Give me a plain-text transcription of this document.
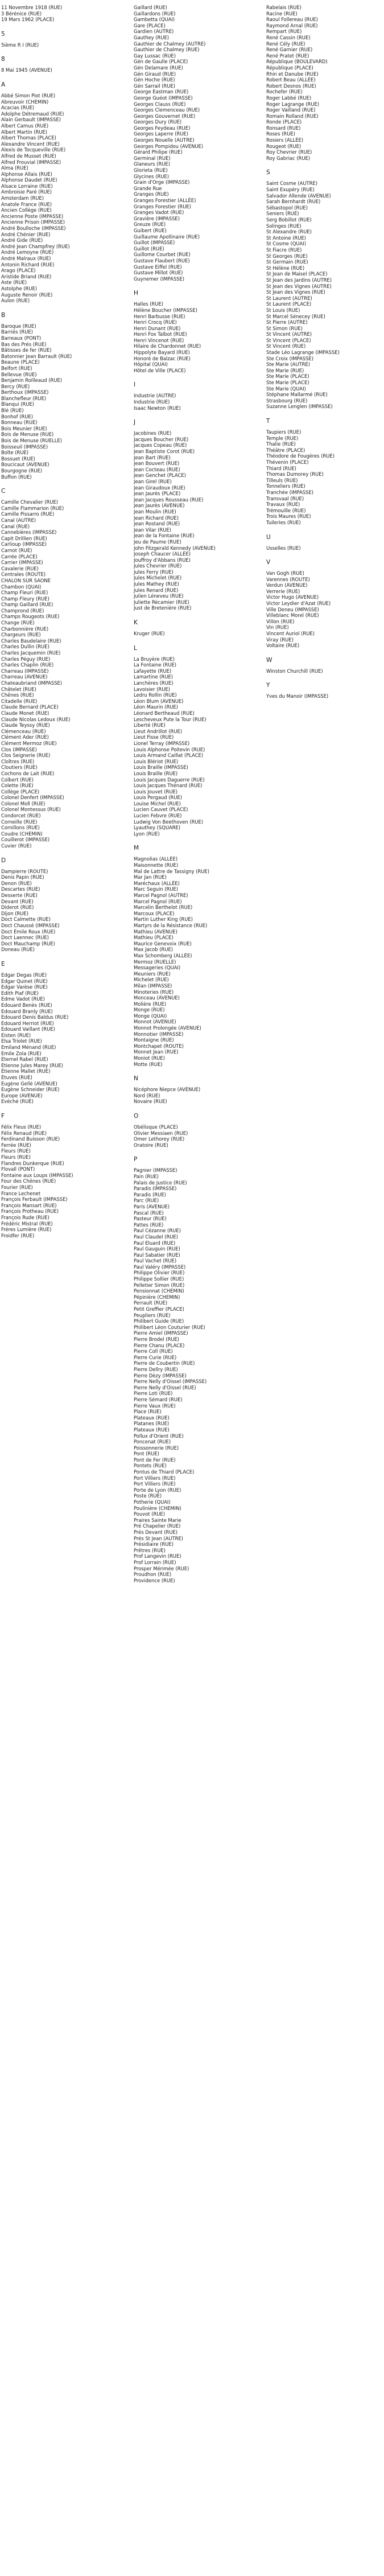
11 Novembre 1918 (RUE)
3 Bérénice (RUE)
19 Mars 1962 (PLACE)
5
5ième R I (RUE)
8
8 Mai 1945 (AVENUE)
A
Abbé Simon Piot (RUE)
Abreuvoir (CHEMIN)
Acacias (RUE)
Adolphe Détremaud (RUE)
Alain Gerbault (IMPASSE)
Albert Camus (RUE)
Albert Martin (RUE)
Albert Thomas (PLACE)
Alexandre Vincent (RUE)
Alexis de Tocqueville (RUE)
Alfred de Musset (RUE)
Alfred Frouvial (IMPASSE)
Alma (RUE)
Alphonse Allais (RUE)
Alphonse Daudet (RUE)
Alsace Lorraine (RUE)
Ambroisie Paré (RUE)
Amsterdam (RUE)
Anatole France (RUE)
Ancien Collège (RUE)
Ancienne Poste (IMPASSE)
Ancienne Prison (IMPASSE)
André Boulloche (IMPASSE)
André Chénier (RUE)
André Gide (RUE)
André Jean Champfrey (RUE)
André Lemoyne (RUE)
André Malraux (RUE)
Antonin Richard (RUE)
Arago (PLACE)
Aristide Briand (RUE)
Aste (RUE)
Astolphe (RUE)
Auguste Renoir (RUE)
Aulon (RUE)
B
Baroque (RUE)
Barriès (RUE)
Barreaux (PONT)
Bas des Prés (RUE)
Bâtisses de fer (RUE)
Batonnier Jean Barrault (RUE)
Beaune (PLACE)
Belfort (RUE)
Bellevue (RUE)
Benjamin Roilleaud (RUE)
Bercy (RUE)
Berthoux (IMPASSE)
Blanchefleur (RUE)
Blanqui (RUE)
Blé (RUE)
Bonhof (RUE)
Bonneau (RUE)
Bois Meunier (RUE)
Bois de Menuse (RUE)
Bois de Menuse (RUELLE)
Boisseuil (IMPASSE)
Boîte (RUE)
Bossuet (RUE)
Boucicaut (AVENUE)
Bourgogne (RUE)
Buffon (RUE)
C
Camille Chevalier (RUE)
Camille Flammarion (RUE)
Camille Pissarro (RUE)
Canal (AUTRE)
Canal (RUE)
Cannebières (IMPASSE)
Capit Drillien (RUE)
Carlioup (IMPASSE)
Carnot (RUE)
Carrée (PLACE)
Carrier (IMPASSE)
Cavalerie (RUE)
Centrales (ROUTE)
CHALON SUR SAONE
Chambon (QUAI)
Champ Fleuri (RUE)
Champ Fleury (RUE)
Champ Gaillard (RUE)
Champrond (RUE)
Champs Rougeots (RUE)
Change (RUE)
Charbonnière (RUE)
Chargeurs (RUE)
Charles Baudelaire (RUE)
Charles Dullin (RUE)
Charles Jacquemin (RUE)
Charles Péguy (RUE)
Charles Chaplin (RUE)
Charreau (IMPASSE)
Charreau (AVENUE)
Chateaubriand (IMPASSE)
Châtelet (RUE)
Chênes (RUE)
Citadelle (RUE)
Claude Bernard (PLACE)
Claude Monet (RUE)
Claude Nicolas Ledoux (RUE)
Claude Teyssy (RUE)
Clémenceau (RUE)
Clément Ader (RUE)
Clément Mermoz (RUE)
Clos (IMPASSE)
Clos Seignerie (RUE)
Cloîtres (RUE)
Cloutiers (RUE)
Cochons de Lait (RUE)
Colbert (RUE)
Colette (RUE)
Collège (PLACE)
Colonel Denfert (IMPASSE)
Colonel Moll (RUE)
Colonel Montessus (RUE)
Condorcet (RUE)
Corneille (RUE)
Cornillons (RUE)
Coudre (CHEMIN)
Couillerot (IMPASSE)
Cuvier (RUE)
D
Dampierre (ROUTE)
Denis Papin (RUE)
Denon (RUE)
Descartes (RUE)
Desserte (RUE)
Devant (RUE)
Diderot (RUE)
Dijon (RUE)
Doct Calmette (RUE)
Doct Chaussé (IMPASSE)
Doct Émile Roux (RUE)
Doct Laennec (RUE)
Doct Mauchamp (RUE)
Doneau (RUE)
E
Edgar Degas (RUE)
Edgar Quinet (RUE)
Edgar Varèse (RUE)
Edith Piaf (RUE)
Edme Vadot (RUE)
Edouard Benès (RUE)
Edouard Branly (RUE)
Edouard Denis Baldus (RUE)
Edouard Herriot (RUE)
Edouard Vaillant (RUE)
Eisten (RUE)
Elsa Triolet (RUE)
Emiland Ménand (RUE)
Emile Zola (RUE)
Eternel Rabel (RUE)
Étienne Jules Marey (RUE)
Étienne Mallet (RUE)
Étuves (RUE)
Eugène Gellé (AVENUE)
Eugène Schneider (RUE)
Europe (AVENUE)
Evéché (RUE)
F
Félix Fleus (RUE)
Félix Renaud (RUE)
Ferdinand Buisson (RUE)
Ferrée (RUE)
Fleurs (RUE)
Fleurs (RUE)
Flandres Dunkerque (RUE)
Flovall (PONT)
Fontaine aux Loups (IMPASSE)
Four des Chênes (RUE)
Fourier (RUE)
France Lechenet
François Ferbault (IMPASSE)
François Mansart (RUE)
François Protheau (RUE)
François Rude (RUE)
Frédéric Mistral (RUE)
Frères Lumière (RUE)
Froidfer (RUE)
Gaillard (RUE)
Gaillardons (RUE)
Gambetta (QUAI)
Gare (PLACE)
Gardien (AUTRE)
Gauthey (RUE)
Gauthier de Chalmey (AUTRE)
Gauthier de Chalmey (RUE)
Gay Lussac (RUE)
Gén de Gaulle (PLACE)
Gén Delamare (RUE)
Gén Giraud (RUE)
Gén Hoche (RUE)
Gén Sarrail (RUE)
George Eastman (RUE)
George Guéot (IMPASSE)
Georges Clauss (RUE)
Georges Clemenceau (RUE)
Georges Gouvernet (RUE)
Georges Dury (RUE)
Georges Feydeau (RUE)
Georges Laperre (RUE)
Georges Nouelle (AUTRE)
Georges Pompidou (AVENUE)
Gérard Philipe (RUE)
Germinal (RUE)
Glaneurs (RUE)
Glorieta (RUE)
Glycines (RUE)
Grain d'Orge (IMPASSE)
Grande Rue
Granges (RUE)
Granges Forestier (ALLÉE)
Granges Forestier (RUE)
Granges Vadot (RUE)
Gravière (IMPASSE)
Greuze (RUE)
Guibert (RUE)
Guillaume Apollinaire (RUE)
Guillot (IMPASSE)
Guillot (RUE)
Guillome Courbet (RUE)
Gustave Flaubert (RUE)
Gustave Eiffel (RUE)
Gustave Millot (RUE)
Guynemer (IMPASSE)
H
Halles (RUE)
Hélène Boucher (IMPASSE)
Henri Barbusse (RUE)
Henri Crocq (RUE)
Henri Dunant (RUE)
Henri Fox Talbot (RUE)
Henri Vincenot (RUE)
Hilaire de Chardonnet (RUE)
Hippolyte Bayard (RUE)
Honoré de Balzac (RUE)
Hôpital (QUAI)
Hôtel de Ville (PLACE)
I
Industrie (AUTRE)
Industrie (RUE)
Isaac Newton (RUE)
J
Jacobines (RUE)
Jacques Boucher (RUE)
Jacques Copeau (RUE)
Jean Baptiste Corot (RUE)
Jean Bart (RUE)
Jean Bouvert (RUE)
Jean Cocteau (RUE)
Jean Genchet (PLACE)
Jean Girel (RUE)
Jean Giraudoux (RUE)
Jean Jaurès (PLACE)
Jean Jacques Rousseau (RUE)
Jean Jaurès (AVENUE)
Jean Moulin (RUE)
Jean Richard (RUE)
Jean Rostand (RUE)
Jean Vilar (RUE)
Jean de la Fontaine (RUE)
Jeu de Paume (RUE)
John Fitzgerald Kennedy (AVENUE)
Joseph Chaucer (ALLÉE)
Jouffroy d'Abbans (RUE)
Jules Chevrier (RUE)
Jules Ferry (RUE)
Jules Michelet (RUE)
Jules Mathey (RUE)
Jules Renard (RUE)
Julien Léneveu (RUE)
Juliette Récamier (RUE)
Just de Bretenière (RUE)
K
Kruger (RUE)
L
La Bruyère (RUE)
La Fontaine (RUE)
Lafayette (RUE)
Lamartine (RUE)
Lanchères (RUE)
Lavoisier (RUE)
Ledru Rollin (RUE)
Léon Blum (AVENUE)
Léon Maurin (RUE)
Léonard Bertheaud (RUE)
Lescheveux Pute la Tour (RUE)
Liberté (RUE)
Lieut Andrillot (RUE)
Lieut Fisse (RUE)
Lionel Terray (IMPASSE)
Louis Alphonse Poitevin (RUE)
Louis Armand Caillat (PLACE)
Louis Blériot (RUE)
Louis Braille (IMPASSE)
Louis Braille (RUE)
Louis Jacques Daguerre (RUE)
Louis Jacques Thénard (RUE)
Louis Jouvet (RUE)
Louis Pergaud (RUE)
Louise Michel (RUE)
Lucien Cauvet (PLACE)
Lucien Febvre (RUE)
Ludwig Von Beethoven (RUE)
Lyauthey (SQUARE)
Lyon (RUE)
M
Magnolias (ALLÉE)
Maisonnette (RUE)
Mal de Lattre de Tassigny (RUE)
Mar Jan (RUE)
Maréchaux (ALLÉE)
Marc Seguin (RUE)
Marcel Pagnol (AUTRE)
Marcel Pagnol (RUE)
Marcelin Berthelot (RUE)
Marcoux (PLACE)
Martin Luther King (RUE)
Martyrs de la Résistance (RUE)
Mathieu (AVENUE)
Mathieu (PLACE)
Maurice Genevoix (RUE)
Max Jacob (RUE)
Max Schomberg (ALLÉE)
Mermoz (RUELLE)
Messageries (QUAI)
Meuniers (RUE)
Michelet (RUE)
Milan (IMPASSE)
Minoteries (RUE)
Monceau (AVENUE)
Molière (RUE)
Monge (RUE)
Monge (QUAI)
Monnot (AVENUE)
Monnot Prolongée (AVENUE)
Monnotier (IMPASSE)
Montaigne (RUE)
Montchapet (ROUTE)
Monnet Jean (RUE)
Moniot (RUE)
Motte (RUE)
N
Nicéphore Niepce (AVENUE)
Nord (RUE)
Novaire (RUE)
O
Obélisque (PLACE)
Olivier Messiaen (RUE)
Omer Lethorey (RUE)
Oratoire (RUE)
P
Pagnier (IMPASSE)
Pain (RUE)
Palais de Justice (RUE)
Paradis (IMPASSE)
Paradis (RUE)
Parc (RUE)
Paris (AVENUE)
Pascal (RUE)
Pasteur (RUE)
Pattes (RUE)
Paul Cézanne (RUE)
Paul Claudel (RUE)
Paul Eluard (RUE)
Paul Gauguin (RUE)
Paul Sabatier (RUE)
Paul Vachet (RUE)
Paul Valéry (IMPASSE)
Philippe Olivier (RUE)
Philippe Sollier (RUE)
Pelletier Simon (RUE)
Pensionnat (CHEMIN)
Pépinière (CHEMIN)
Perrault (RUE)
Petit Greffier (PLACE)
Peupliers (RUE)
Philibert Guide (RUE)
Philibert Léon Couturier (RUE)
Pierre Amiel (IMPASSE)
Pierre Brodel (RUE)
Pierre Chanu (PLACE)
Pierre Coll (RUE)
Pierre Curie (RUE)
Pierre de Coubertin (RUE)
Pierre Dellry (RUE)
Pierre Dèzy (IMPASSE)
Pierre Nelly d'Oissel (IMPASSE)
Pierre Nelly d'Oissel (RUE)
Pierre Loti (RUE)
Pierre Sémard (RUE)
Pierre Vaux (RUE)
Place (RUE)
Plateaux (RUE)
Platanes (RUE)
Plateaux (RUE)
Pollux d'Orient (RUE)
Poncenat (RUE)
Poissonnerie (RUE)
Pont (RUE)
Pont de Fer (RUE)
Pontets (RUE)
Pontus de Thiard (PLACE)
Port Villiers (RUE)
Port Villiers (RUE)
Porte de Lyon (RUE)
Poste (RUE)
Potherie (QUAI)
Poulinière (CHEMIN)
Pouvot (RUE)
Praires Sainte Marie
Pré Chapelier (RUE)
Prés Devant (RUE)
Prés St Jean (AUTRE)
Présidiaire (RUE)
Prêtres (RUE)
Prof Langevin (RUE)
Prof Lorrain (RUE)
Prosper Mérimée (RUE)
Proudhon (RUE)
Providence (RUE)
Rabelais (RUE)
Racine (RUE)
Raoul Follereau (RUE)
Raymond Arnal (RUE)
Rempart (RUE)
René Cassin (RUE)
René Cély (RUE)
René Garnier (RUE)
René Pratet (RUE)
République (BOULEVARD)
République (PLACE)
Rhin et Danube (RUE)
Robert Beau (ALLÉE)
Robert Desnos (RUE)
Rochefer (RUE)
Roger Labbé (RUE)
Roger Lagrange (RUE)
Roger Vailland (RUE)
Romain Rolland (RUE)
Ronde (PLACE)
Ronsard (RUE)
Roses (RUE)
Rosiers (ALLÉE)
Rougeot (RUE)
Roy Chevrier (RUE)
Roy Gabriac (RUE)
S
Saint Cosme (AUTRE)
Saint Exupéry (RUE)
Salvador Allende (AVENUE)
Sarah Bernhardt (RUE)
Sébastopol (RUE)
Seniers (RUE)
Serg Bobillot (RUE)
Solinges (RUE)
St Alexandre (RUE)
St Antoine (RUE)
St Cosme (QUAI)
St Fiacre (RUE)
St Georges (RUE)
St Germain (RUE)
St Hélène (RUE)
St Jean de Maisel (PLACE)
St Jean des Jardins (AUTRE)
St Jean des Vignes (AUTRE)
St Jean des Vignes (RUE)
St Laurent (AUTRE)
St Laurent (PLACE)
St Louis (RUE)
St Marcel Sénecey (RUE)
St Pierre (AUTRE)
St Simon (RUE)
St Vincent (AUTRE)
St Vincent (PLACE)
St Vincent (RUE)
Stade Léo Lagrange (IMPASSE)
Ste Croix (IMPASSE)
Ste Marie (AUTRE)
Ste Marie (RUE)
Ste Marie (PLACE)
Ste Marie (PLACE)
Ste Marie (QUAI)
Stéphane Mallarmé (RUE)
Strasbourg (RUE)
Suzanne Lenglen (IMPASSE)
T
Taupiers (RUE)
Temple (RUE)
Thalie (RUE)
Théâtre (PLACE)
Théodore de Fougères (RUE)
Thévenin (PLACE)
Thiard (RUE)
Thomas Dumorey (RUE)
Tilleuls (RUE)
Tonneliers (RUE)
Tranchée (IMPASSE)
Transvaal (RUE)
Travaux (RUE)
Trémouille (RUE)
Trois Maures (RUE)
Tuileries (RUE)
U
Usselles (RUE)
V
Van Gogh (RUE)
Varennes (ROUTE)
Verdun (AVENUE)
Verrerie (RUE)
Victor Hugo (AVENUE)
Victor Leydier d'Azat (RUE)
Ville Deneu (IMPASSE)
Villeblanc Morel (RUE)
Villon (RUE)
Vin (RUE)
Vincent Auriol (RUE)
Viray (RUE)
Voltaire (RUE)
W
Winston Churchill (RUE)
Y
Yves du Manoir (IMPASSE)
